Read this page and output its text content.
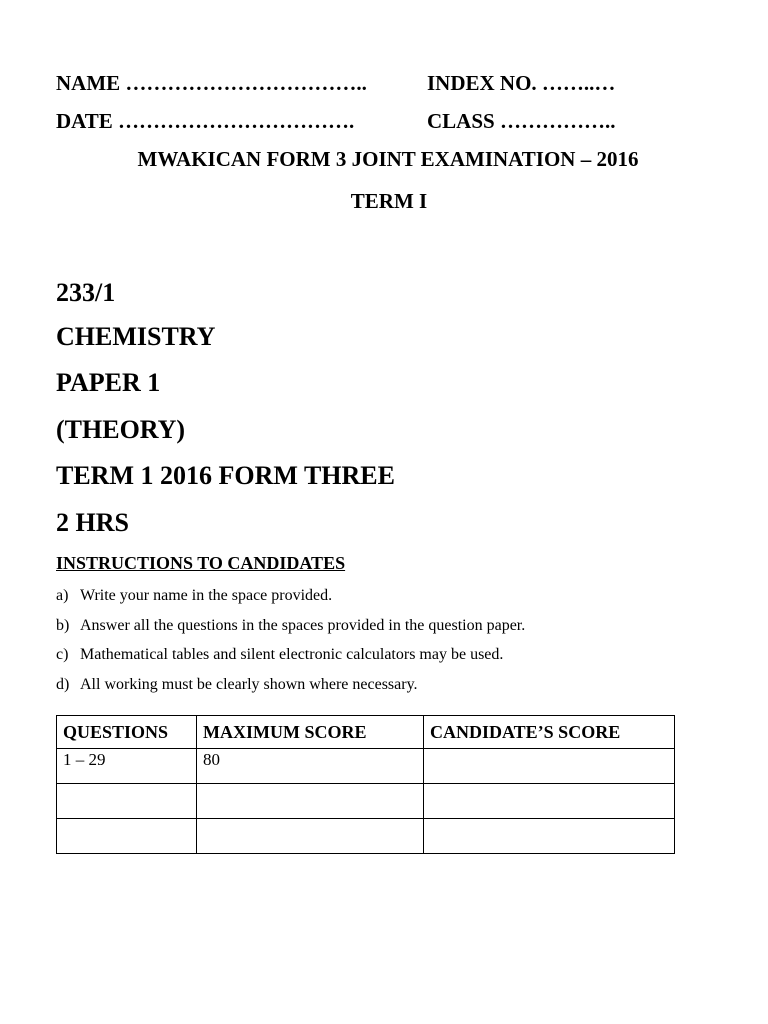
NAME ……………………………..	INDEX NO. ……..…
DATE …………………………….	CLASS ……………..
MWAKICAN FORM 3 JOINT EXAMINATION – 2016
TERM I
233/1
CHEMISTRY
PAPER 1
(THEORY)
TERM 1 2016 FORM THREE
2 HRS
INSTRUCTIONS TO CANDIDATES
a) Write your name in the space provided.
b) Answer all the questions in the spaces provided in the question paper.
c) Mathematical tables and silent electronic calculators may be used.
d) All working must be clearly shown where necessary.
QUESTIONS	MAXIMUM SCORE	CANDIDATE’S SCORE
1 – 29	80	
